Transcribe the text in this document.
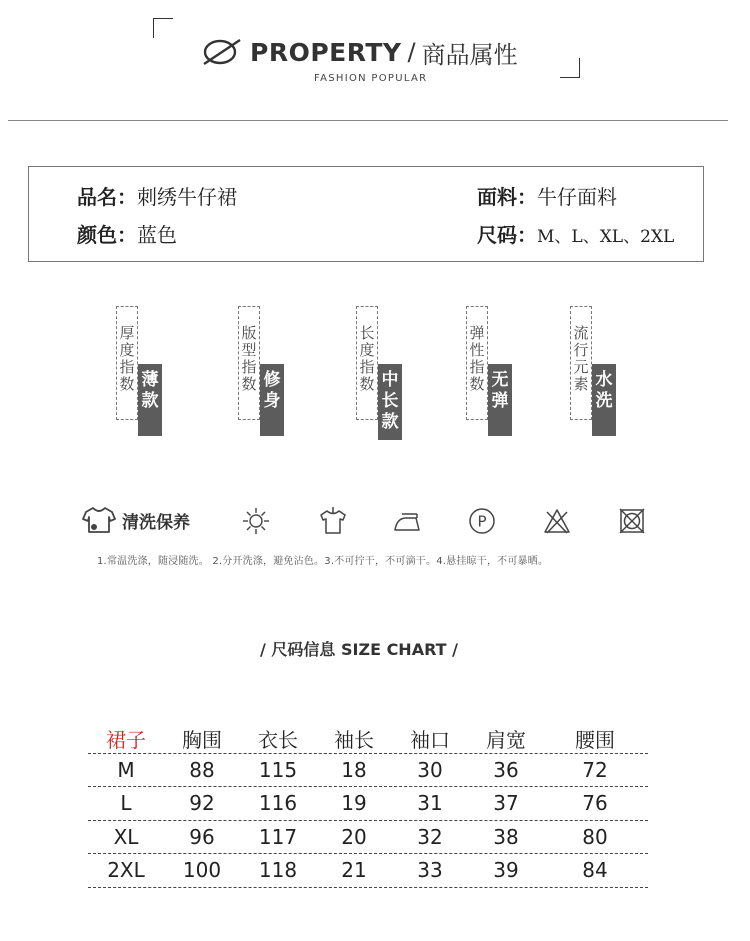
PROPERTY / 商品属性
FASHION POPULAR
品名：刺绣牛仔裙
颜色：蓝色
面料：牛仔面料
尺码：M、L、XL、2XL
厚度指数 薄款
版型指数 修身
长度指数 中长款
弹性指数 无弹
流行元素 水洗
清洗保养	P
1.常温洗涤，随浸随洗。 2.分开洗涤，避免沾色。3.不可拧干，不可滴干。4.悬挂晾干，不可暴晒。
/ 尺码信息 SIZE CHART /
裙子	胸围	衣长	袖长	袖口	肩宽	腰围
M	88	115	18	30	36	72
L	92	116	19	31	37	76
XL	96	117	20	32	38	80
2XL	100	118	21	33	39	84
